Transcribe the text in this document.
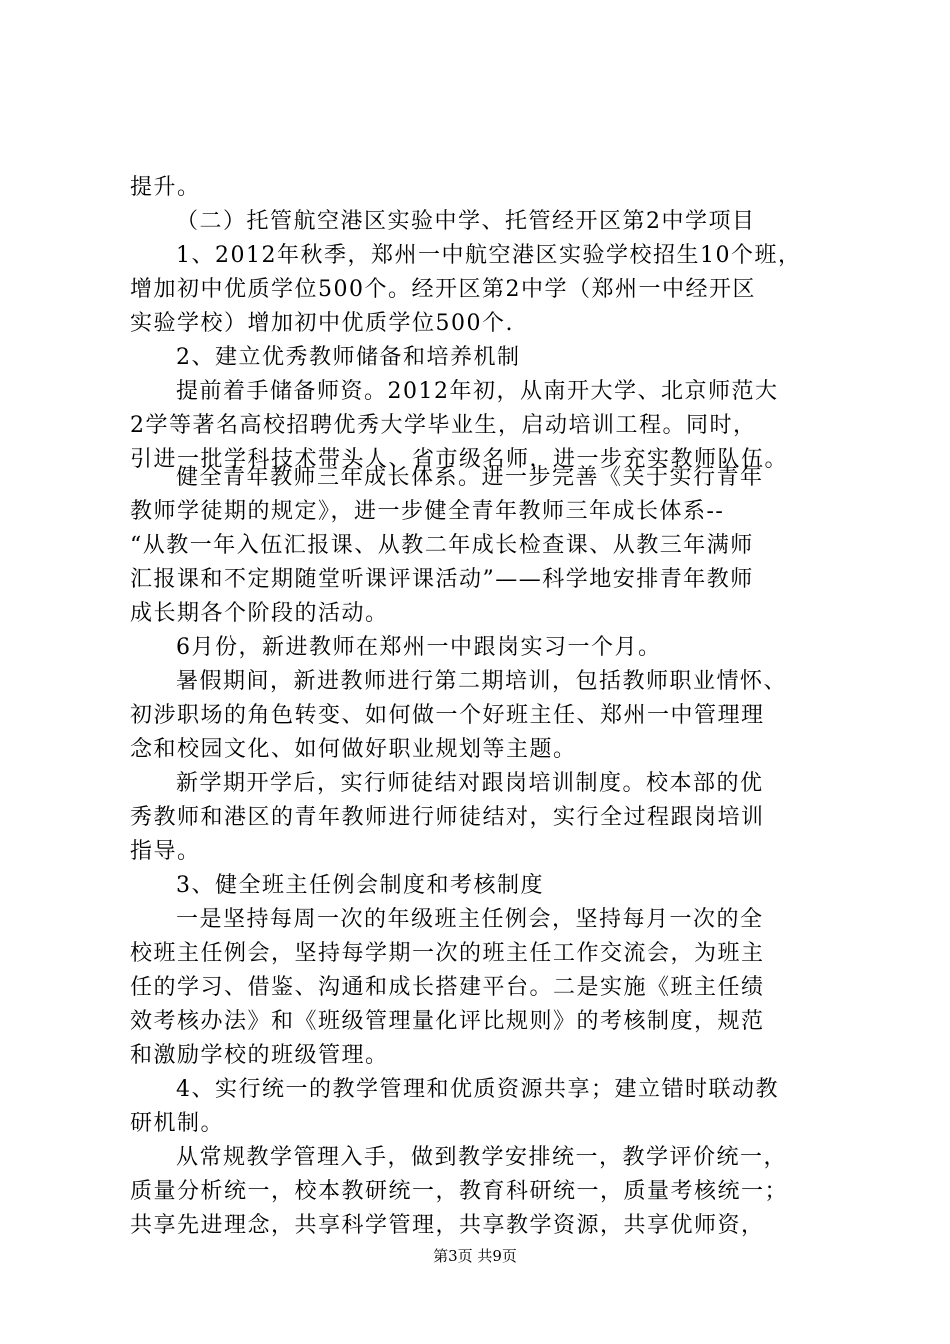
提升。
（二）托管航空港区实验中学、托管经开区第2中学项目
1、2012年秋季，郑州一中航空港区实验学校招生10个班，
增加初中优质学位500个。经开区第2中学（郑州一中经开区
实验学校）增加初中优质学位500个.
2、建立优秀教师储备和培养机制
提前着手储备师资。2012年初，从南开大学、北京师范大
2学等著名高校招聘优秀大学毕业生，启动培训工程。同时，
引进一批学科技术带头人、省市级名师，进一步充实教师队伍。
健全青年教师三年成长体系。进一步完善《关于实行青年
教师学徒期的规定》，进一步健全青年教师三年成长体系--
“从教一年入伍汇报课、从教二年成长检查课、从教三年满师
汇报课和不定期随堂听课评课活动”——科学地安排青年教师
成长期各个阶段的活动。
6月份，新进教师在郑州一中跟岗实习一个月。
暑假期间，新进教师进行第二期培训，包括教师职业情怀、
初涉职场的角色转变、如何做一个好班主任、郑州一中管理理
念和校园文化、如何做好职业规划等主题。
新学期开学后，实行师徒结对跟岗培训制度。校本部的优
秀教师和港区的青年教师进行师徒结对，实行全过程跟岗培训
指导。
3、健全班主任例会制度和考核制度
一是坚持每周一次的年级班主任例会，坚持每月一次的全
校班主任例会，坚持每学期一次的班主任工作交流会，为班主
任的学习、借鉴、沟通和成长搭建平台。二是实施《班主任绩
效考核办法》和《班级管理量化评比规则》的考核制度，规范
和激励学校的班级管理。
4、实行统一的教学管理和优质资源共享；建立错时联动教
研机制。
从常规教学管理入手，做到教学安排统一，教学评价统一，
质量分析统一，校本教研统一，教育科研统一，质量考核统一；
第3页 共9页
共享先进理念，共享科学管理，共享教学资源，共享优师资，
